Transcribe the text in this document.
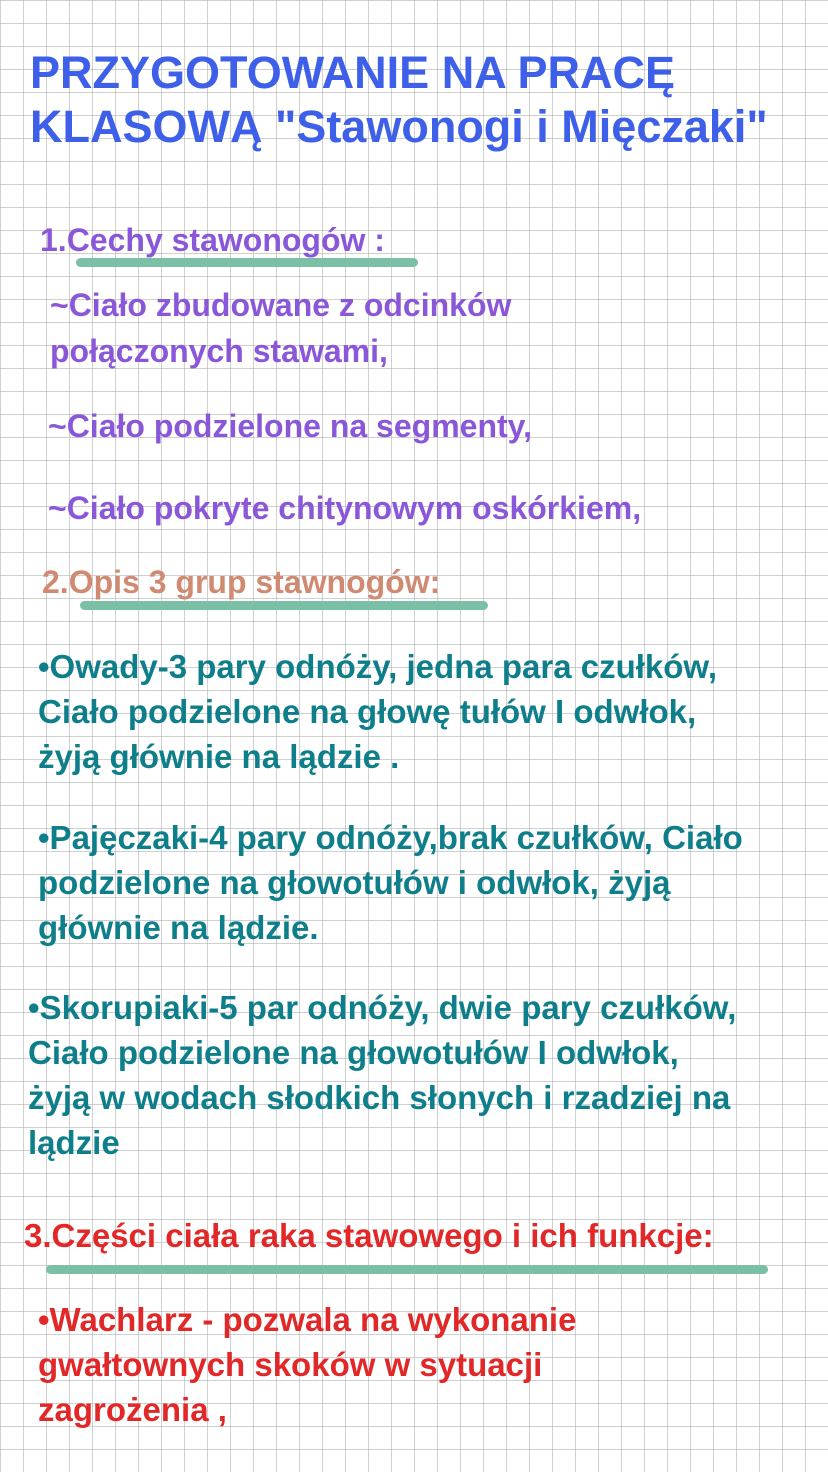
PRZYGOTOWANIE NA PRACĘ
KLASOWĄ "Stawonogi i Mięczaki"
1.Cechy stawonogów :
~Ciało zbudowane z odcinków
połączonych stawami,
~Ciało podzielone na segmenty,
~Ciało pokryte chitynowym oskórkiem,
2.Opis 3 grup stawnogów:
•Owady-3 pary odnóży, jedna para czułków,
Ciało podzielone na głowę tułów I odwłok,
żyją głównie na lądzie .
•Pajęczaki-4 pary odnóży,brak czułków, Ciało
podzielone na głowotułów i odwłok, żyją
głównie na lądzie.
•Skorupiaki-5 par odnóży, dwie pary czułków,
Ciało podzielone na głowotułów I odwłok,
żyją w wodach słodkich słonych i rzadziej na
lądzie
3.Części ciała raka stawowego i ich funkcje:
•Wachlarz - pozwala na wykonanie
gwałtownych skoków w sytuacji
zagrożenia ,
